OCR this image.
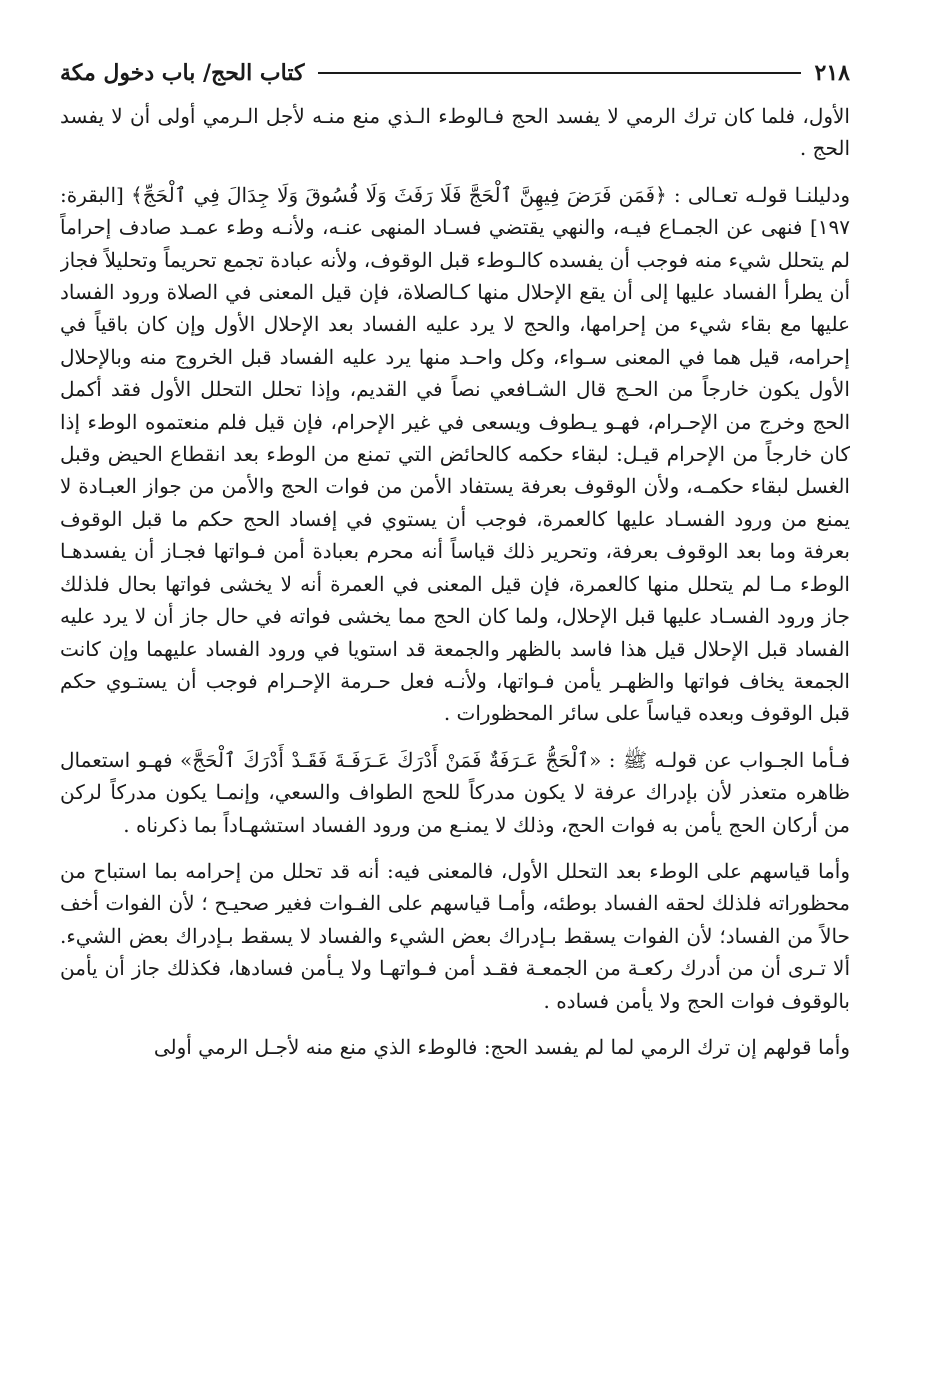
٢١٨
كتاب الحج/ باب دخول مكة

الأول، فلما كان ترك الرمي لا يفسد الحج فـالوطء الـذي منع منـه لأجل الـرمي أولى أن لا يفسد الحج .

ودليلنـا قولـه تعـالى : ﴿فَمَن فَرَضَ فِيهِنَّ ٱلْحَجَّ فَلَا رَفَثَ وَلَا فُسُوقَ وَلَا جِدَالَ فِي ٱلْحَجِّ﴾ [البقرة: ١٩٧] فنهى عن الجمـاع فيـه، والنهي يقتضي فسـاد المنهى عنـه، ولأنـه وطء عمـد صادف إحراماً لم يتحلل شيء منه فوجب أن يفسده كالـوطء قبل الوقوف، ولأنه عبادة تجمع تحريماً وتحليلاً فجاز أن يطرأ الفساد عليها إلى أن يقع الإحلال منها كـالصلاة، فإن قيل المعنى في الصلاة ورود الفساد عليها مع بقاء شيء من إحرامها، والحج لا يرد عليه الفساد بعد الإحلال الأول وإن كان باقياً في إحرامه، قيل هما في المعنى سـواء، وكل واحـد منها يرد عليه الفساد قبل الخروج منه وبالإحلال الأول يكون خارجاً من الحـج قال الشـافعي نصاً في القديم، وإذا تحلل التحلل الأول فقد أكمل الحج وخرج من الإحـرام، فهـو يـطوف ويسعى في غير الإحرام، فإن قيل فلم منعتموه الوطء إذا كان خارجاً من الإحرام قيـل: لبقاء حكمه كالحائض التي تمنع من الوطء بعد انقطاع الحيض وقبل الغسل لبقاء حكمـه، ولأن الوقوف بعرفة يستفاد الأمن من فوات الحج والأمن من جواز العبـادة لا يمنع من ورود الفسـاد عليها كالعمرة، فوجب أن يستوي في إفساد الحج حكم ما قبل الوقوف بعرفة وما بعد الوقوف بعرفة، وتحرير ذلك قياساً أنه محرم بعبادة أمن فـواتها فجـاز أن يفسدهـا الوطء مـا لم يتحلل منها كالعمرة، فإن قيل المعنى في العمرة أنه لا يخشى فواتها بحال فلذلك جاز ورود الفسـاد عليها قبل الإحلال، ولما كان الحج مما يخشى فواته في حال جاز أن لا يرد عليه الفساد قبل الإحلال قيل هذا فاسد بالظهر والجمعة قد استويا في ورود الفساد عليهما وإن كانت الجمعة يخاف فواتها والظهـر يأمن فـواتها، ولأنـه فعل حـرمة الإحـرام فوجب أن يستـوي حكم قبل الوقوف وبعده قياساً على سائر المحظورات .

فـأما الجـواب عن قولـه ﷺ : «ٱلْحَجُّ عَـرَفَةٌ فَمَنْ أَدْرَكَ عَـرَفَـةَ فَقَـدْ أَدْرَكَ ٱلْحَجَّ» فهـو استعمال ظاهره متعذر لأن بإدراك عرفة لا يكون مدركاً للحج الطواف والسعي، وإنمـا يكون مدركاً لركن من أركان الحج يأمن به فوات الحج، وذلك لا يمنـع من ورود الفساد استشهـاداً بما ذكرناه .

وأما قياسهم على الوطء بعد التحلل الأول، فالمعنى فيه: أنه قد تحلل من إحرامه بما استباح من محظوراته فلذلك لحقه الفساد بوطئه، وأمـا قياسهم على الفـوات فغير صحيـح ؛ لأن الفوات أخف حالاً من الفساد؛ لأن الفوات يسقط بـإدراك بعض الشيء والفساد لا يسقط بـإدراك بعض الشيء. ألا تـرى أن من أدرك ركعـة من الجمعـة فقـد أمن فـواتهـا ولا يـأمن فسادها، فكذلك جاز أن يأمن بالوقوف فوات الحج ولا يأمن فساده .

وأما قولهم إن ترك الرمي لما لم يفسد الحج: فالوطء الذي منع منه لأجـل الرمي أولى
